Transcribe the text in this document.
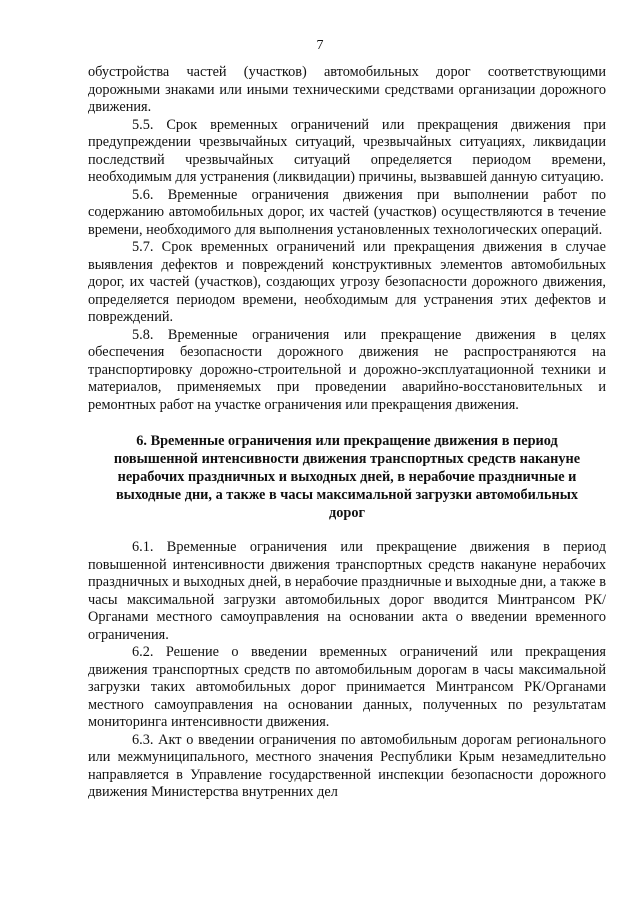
7

обустройства частей (участков) автомобильных дорог соответствующими дорожными знаками или иными техническими средствами организации дорожного движения.

5.5. Срок временных ограничений или прекращения движения при предупреждении чрезвычайных ситуаций, чрезвычайных ситуациях, ликвидации последствий чрезвычайных ситуаций определяется периодом времени, необходимым для устранения (ликвидации) причины, вызвавшей данную ситуацию.

5.6. Временные ограничения движения при выполнении работ по содержанию автомобильных дорог, их частей (участков) осуществляются в течение времени, необходимого для выполнения установленных технологических операций.

5.7. Срок временных ограничений или прекращения движения в случае выявления дефектов и повреждений конструктивных элементов автомобильных дорог, их частей (участков), создающих угрозу безопасности дорожного движения, определяется периодом времени, необходимым для устранения этих дефектов и повреждений.

5.8. Временные ограничения или прекращение движения в целях обеспечения безопасности дорожного движения не распространяются на транспортировку дорожно-строительной и дорожно-эксплуатационной техники и материалов, применяемых при проведении аварийно-восстановительных и ремонтных работ на участке ограничения или прекращения движения.

6. Временные ограничения или прекращение движения в период повышенной интенсивности движения транспортных средств накануне нерабочих праздничных и выходных дней, в нерабочие праздничные и выходные дни, а также в часы максимальной загрузки автомобильных дорог

6.1. Временные ограничения или прекращение движения в период повышенной интенсивности движения транспортных средств накануне нерабочих праздничных и выходных дней, в нерабочие праздничные и выходные дни, а также в часы максимальной загрузки автомобильных дорог вводится Минтрансом РК/Органами местного самоуправления на основании акта о введении временного ограничения.

6.2. Решение о введении временных ограничений или прекращения движения транспортных средств по автомобильным дорогам в часы максимальной загрузки таких автомобильных дорог принимается Минтрансом РК/Органами местного самоуправления на основании данных, полученных по результатам мониторинга интенсивности движения.

6.3. Акт о введении ограничения по автомобильным дорогам регионального или межмуниципального, местного значения Республики Крым незамедлительно направляется в Управление государственной инспекции безопасности дорожного движения Министерства внутренних дел
